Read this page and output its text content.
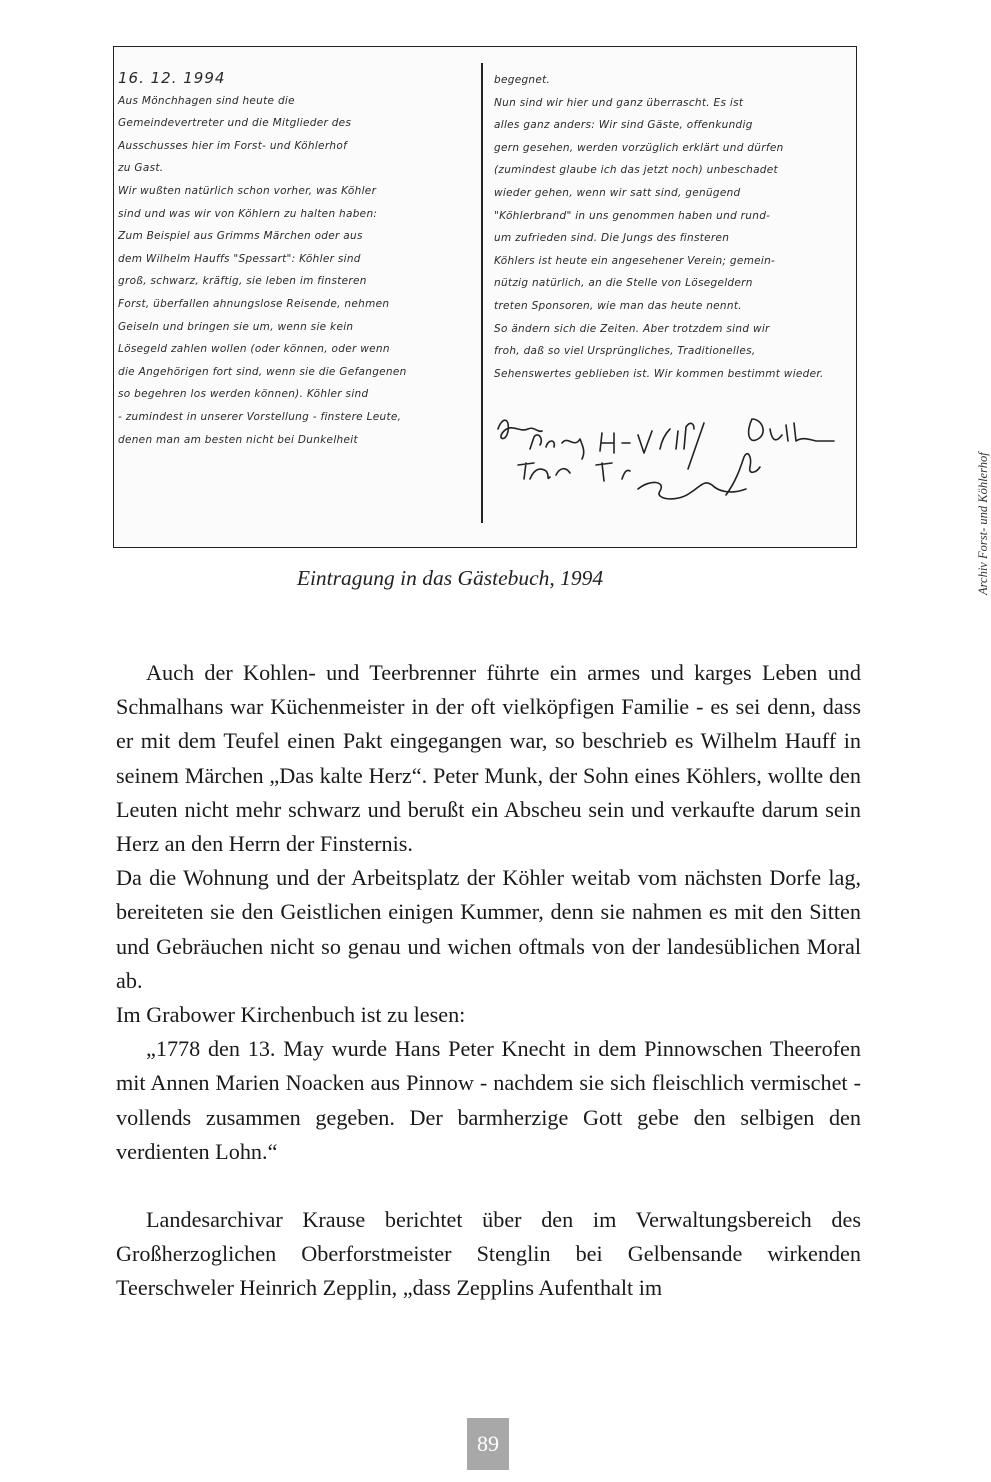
16. 12. 1994
Aus Mönchhagen sind heute die
Gemeindevertreter und die Mitglieder des
Ausschusses hier im Forst- und Köhlerhof
zu Gast.
Wir wußten natürlich schon vorher, was Köhler
sind und was wir von Köhlern zu halten haben:
Zum Beispiel aus Grimms Märchen oder aus
dem Wilhelm Hauffs "Spessart": Köhler sind
groß, schwarz, kräftig, sie leben im finsteren
Forst, überfallen ahnungslose Reisende, nehmen
Geiseln und bringen sie um, wenn sie kein
Lösegeld zahlen wollen (oder können, oder wenn
die Angehörigen fort sind, wenn sie die Gefangenen
so begehren los werden können). Köhler sind
- zumindest in unserer Vorstellung - finstere Leute,
denen man am besten nicht bei Dunkelheit
begegnet.
Nun sind wir hier und ganz überrascht. Es ist
alles ganz anders: Wir sind Gäste, offenkundig
gern gesehen, werden vorzüglich erklärt und dürfen
(zumindest glaube ich das jetzt noch) unbeschadet
wieder gehen, wenn wir satt sind, genügend
"Köhlerbrand" in uns genommen haben und rund-
um zufrieden sind. Die Jungs des finsteren
Köhlers ist heute ein angesehener Verein; gemein-
nützig natürlich, an die Stelle von Lösegeldern
treten Sponsoren, wie man das heute nennt.
So ändern sich die Zeiten. Aber trotzdem sind wir
froh, daß so viel Ursprüngliches, Traditionelles,
Sehenswertes geblieben ist. Wir kommen bestimmt wieder.
Archiv Forst- und Köhlerhof
Eintragung in das Gästebuch, 1994

Auch der Kohlen- und Teerbrenner führte ein armes und karges Leben und Schmalhans war Küchenmeister in der oft vielköpfigen Familie - es sei denn, dass er mit dem Teufel einen Pakt eingegangen war, so beschrieb es Wilhelm Hauff in seinem Märchen „Das kalte Herz“. Peter Munk, der Sohn eines Köhlers, wollte den Leuten nicht mehr schwarz und berußt ein Abscheu sein und verkaufte darum sein Herz an den Herrn der Finsternis.

Da die Wohnung und der Arbeitsplatz der Köhler weitab vom nächsten Dorfe lag, bereiteten sie den Geistlichen einigen Kummer, denn sie nahmen es mit den Sitten und Gebräuchen nicht so genau und wichen oftmals von der landesüblichen Moral ab.

Im Grabower Kirchenbuch ist zu lesen:

„1778 den 13. May wurde Hans Peter Knecht in dem Pinnowschen Theerofen mit Annen Marien Noacken aus Pinnow - nachdem sie sich fleischlich vermischet - vollends zusammen gegeben. Der barmherzige Gott gebe den selbigen den verdienten Lohn.“

Landesarchivar Krause berichtet über den im Verwaltungsbereich des Großherzoglichen Oberforstmeister Stenglin bei Gelbensande wirkenden Teerschweler Heinrich Zepplin, „dass Zepplins Aufenthalt im

89
